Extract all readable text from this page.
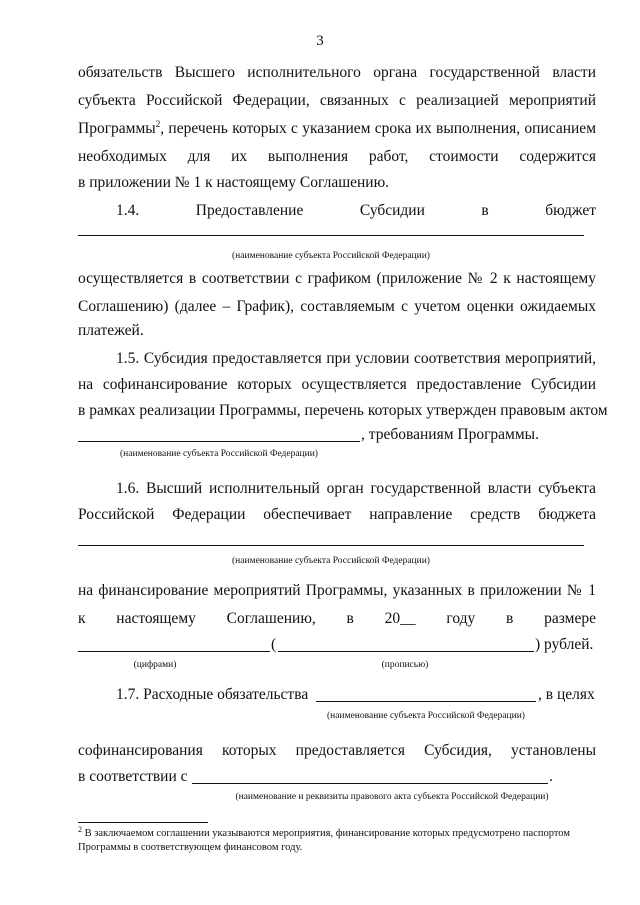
3
обязательств Высшего исполнительного органа государственной власти
субъекта Российской Федерации, связанных с реализацией мероприятий
Программы$^2$, перечень которых с указанием срока их выполнения, описанием
необходимых для их выполнения работ, стоимости содержится
в приложении № 1 к настоящему Соглашению.
1.4. Предоставление Субсидии в бюджет
(наименование субъекта Российской Федерации)
осуществляется в соответствии с графиком (приложение № 2 к настоящему
Соглашению) (далее – График), составляемым с учетом оценки ожидаемых
платежей.
1.5. Субсидия предоставляется при условии соответствия мероприятий,
на софинансирование которых осуществляется предоставление Субсидии
в рамках реализации Программы, перечень которых утвержден правовым актом
, требованиям Программы.
(наименование субъекта Российской Федерации)
1.6. Высший исполнительный орган государственной власти субъекта
Российской Федерации обеспечивает направление средств бюджета
(наименование субъекта Российской Федерации)
на финансирование мероприятий Программы, указанных в приложении № 1
к настоящему Соглашению, в 20__ году в размере
(	) рублей.
(цифрами)	(прописью)
1.7. Расходные обязательства	, в целях
(наименование субъекта Российской Федерации)
софинансирования которых предоставляется Субсидия, установлены
в соответствии с	.
(наименование и реквизиты правового акта субъекта Российской Федерации)
$^2$ В заключаемом соглашении указываются мероприятия, финансирование которых предусмотрено паспортом
Программы в соответствующем финансовом году.
